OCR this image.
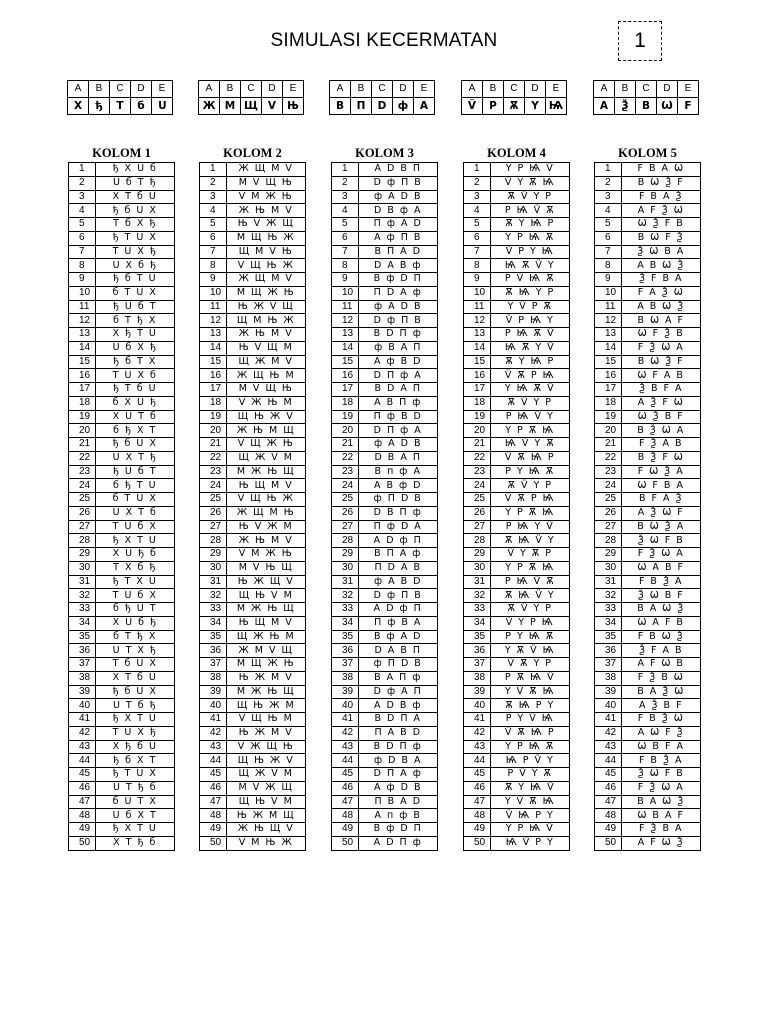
SIMULASI KECERMATAN	1
A	B	C	D	E
Х	ђ	Т	б	Ս
A	B	C	D	E
Ж	М	Щ	V	Њ
A	B	C	D	E
В	П	D	ф	А
A	B	C	D	E
V̈	Р	Ѫ	Y	Ѩ
A	B	C	D	E
A	Ѯ	B	Ѡ	F
KOLOM 1
1	ђ Х Ս б
2	Ս б Т ђ
3	Х Т б Ս
4	ђ б Ս Х
5	Т б Х ђ
6	ђ Т Ս Х
7	Т Ս Х ђ
8	Ս Х б ђ
9	ђ б Т Ս
10	б Т Ս Х
11	ђ Ս б Т
12	б Т ђ Х
13	Х ђ Т Ս
14	Ս б Х ђ
15	ђ б Т Х
16	Т Ս Х б
17	ђ Т б Ս
18	б Х Ս ђ
19	Х Ս Т б
20	б ђ Х Т
21	ђ б Ս Х
22	Ս Х Т ђ
23	ђ Ս б Т
24	б ђ Т Ս
25	б Т Ս Х
26	Ս Х Т б
27	Т Ս б Х
28	ђ Х Т Ս
29	Х Ս ђ б
30	Т Х б ђ
31	ђ Т Х Ս
32	Т Ս б Х
33	б ђ Ս Т
34	Х Ս б ђ
35	б Т ђ Х
36	Ս Т Х ђ
37	Т б Ս Х
38	Х Т б Ս
39	ђ б Ս Х
40	Ս Т б ђ
41	ђ Х Т Ս
42	Т Ս Х ђ
43	Х ђ б Ս
44	ђ б Х Т
45	ђ Т Ս Х
46	Ս Т ђ б
47	б Ս Т Х
48	Ս б Х Т
49	ђ Х Т Ս
50	Х Т ђ б
KOLOM 2
1	Ж Щ М V
2	М V Щ Њ
3	V М Ж Њ
4	Ж Њ М V
5	Њ V Ж Щ
6	М Щ Њ Ж
7	Щ М V Њ
8	V Щ Њ Ж
9	Ж Щ М V
10	М Щ Ж Њ
11	Њ Ж V Щ
12	Щ М Њ Ж
13	Ж Њ М V
14	Њ V Щ М
15	Щ Ж М V
16	Ж Щ Њ М
17	М V Щ Њ
18	V Ж Њ М
19	Щ Њ Ж V
20	Ж Њ М Щ
21	V Щ Ж Њ
22	Щ Ж V М
23	М Ж Њ Щ
24	Њ Щ М V
25	V Щ Њ Ж
26	Ж Щ М Њ
27	Њ V Ж М
28	Ж Њ М V
29	V М Ж Њ
30	М V Њ Щ
31	Њ Ж Щ V
32	Щ Њ V М
33	М Ж Њ Щ
34	Њ Щ М V
35	Щ Ж Њ М
36	Ж М V Щ
37	М Щ Ж Њ
38	Њ Ж М V
39	М Ж Њ Щ
40	Щ Њ Ж М
41	V Щ Њ М
42	Њ Ж М V
43	V Ж Щ Њ
44	Щ Њ Ж V
45	Щ Ж V М
46	М V Ж Щ
47	Щ Њ V М
48	Њ Ж М Щ
49	Ж Њ Щ V
50	V М Њ Ж
KOLOM 3
1	А D В П
2	D ф П В
3	ф А D В
4	D В ф А
5	П ф А D
6	А ф П В
7	В П А D
8	D А В ф
9	В ф D П
10	П D А ф
11	ф А D В
12	D ф П В
13	В D П ф
14	ф В А П
15	А ф В D
16	D П ф А
17	В D А П
18	А В П ф
19	П ф В D
20	D П ф А
21	ф А D В
22	D В А П
23	В п ф А
24	А В ф D
25	ф П D В
26	D В П ф
27	П ф D А
28	А D ф П
29	В П А ф
30	П D А В
31	ф А В D
32	D ф П В
33	А D ф П
34	П ф В А
35	В ф А D
36	D А В П
37	ф П D В
38	В А П ф
39	D ф А П
40	А D В ф
41	В D П А
42	П А В D
43	В D П ф
44	ф D В А
45	D П А ф
46	А ф D В
47	П В А D
48	А п ф В
49	В ф D П
50	А D П ф
KOLOM 4
1	Y Р Ѩ V̈
2	V̈ Y Ѫ Ѩ
3	Ѫ V̈ Y Р
4	Р Ѩ V̈ Ѫ
5	Ѫ Y Ѩ Р
6	Y Р Ѩ Ѫ
7	V̈ Р Y Ѩ
8	Ѩ Ѫ V̈ Y
9	Р V̈ Ѩ Ѫ
10	Ѫ Ѩ Y Р
11	Y V̈ Р Ѫ
12	V̈ Р Ѩ Y
13	Р Ѩ Ѫ V̈
14	Ѩ Ѫ Y V̈
15	Ѫ Y Ѩ Р
16	V̈ Ѫ Р Ѩ
17	Y Ѩ Ѫ V̈
18	Ѫ V̈ Y Р
19	Р Ѩ V̈ Y
20	Y Р Ѫ Ѩ
21	Ѩ V̈ Y Ѫ
22	V̈ Ѫ Ѩ Р
23	Р Y Ѩ Ѫ
24	Ѫ V̈ Y Р
25	V̈ Ѫ Р Ѩ
26	Y Р Ѫ Ѩ
27	Р Ѩ Y V̈
28	Ѫ Ѩ V̈ Y
29	V̈ Y Ѫ Р
30	Y Р Ѫ Ѩ
31	Р Ѩ V̈ Ѫ
32	Ѫ Ѩ V̈ Y
33	Ѫ V̈ Y Р
34	V̈ Y Р Ѩ
35	Р Y Ѩ Ѫ
36	Y Ѫ V̈ Ѩ
37	V̈ Ѫ Y Р
38	Р Ѫ Ѩ V̈
39	Y V̈ Ѫ Ѩ
40	Ѫ Ѩ Р Y
41	Р Y V̈ Ѩ
42	V̈ Ѫ Ѩ Р
43	Y Р Ѩ Ѫ
44	Ѩ Р V̈ Y
45	Р V̈ Y Ѫ
46	Ѫ Y Ѩ V̈
47	Y V̈ Ѫ Ѩ
48	V̈ Ѩ Р Y
49	Y Р Ѩ V̈
50	Ѩ V̈ Р Y
KOLOM 5
1	F B A Ѡ
2	B Ѡ Ѯ F
3	F B A Ѯ
4	A F Ѯ Ѡ
5	Ѡ Ѯ F B
6	B Ѡ F Ѯ
7	Ѯ Ѡ B A
8	A B Ѡ Ѯ
9	Ѯ F B A
10	F A Ѯ Ѡ
11	A B Ѡ Ѯ
12	B Ѡ A F
13	Ѡ F Ѯ B
14	F Ѯ Ѡ A
15	B Ѡ Ѯ F
16	Ѡ F A B
17	Ѯ B F A
18	A Ѯ F Ѡ
19	Ѡ Ѯ B F
20	B Ѯ Ѡ A
21	F Ѯ A B
22	B Ѯ F Ѡ
23	F Ѡ Ѯ A
24	Ѡ F B A
25	B F A Ѯ
26	A Ѯ Ѡ F
27	B Ѡ Ѯ A
28	Ѯ Ѡ F B
29	F Ѯ Ѡ A
30	Ѡ A B F
31	F B Ѯ A
32	Ѯ Ѡ B F
33	B A Ѡ Ѯ
34	Ѡ A F B
35	F B Ѡ Ѯ
36	Ѯ F A B
37	A F Ѡ B
38	F Ѯ B Ѡ
39	B A Ѯ Ѡ
40	A Ѯ B F
41	F B Ѯ Ѡ
42	A Ѡ F Ѯ
43	Ѡ B F A
44	F B Ѯ A
45	Ѯ Ѡ F B
46	F Ѯ Ѡ A
47	B A Ѡ Ѯ
48	Ѡ B A F
49	F Ѯ B A
50	A F Ѡ Ѯ
